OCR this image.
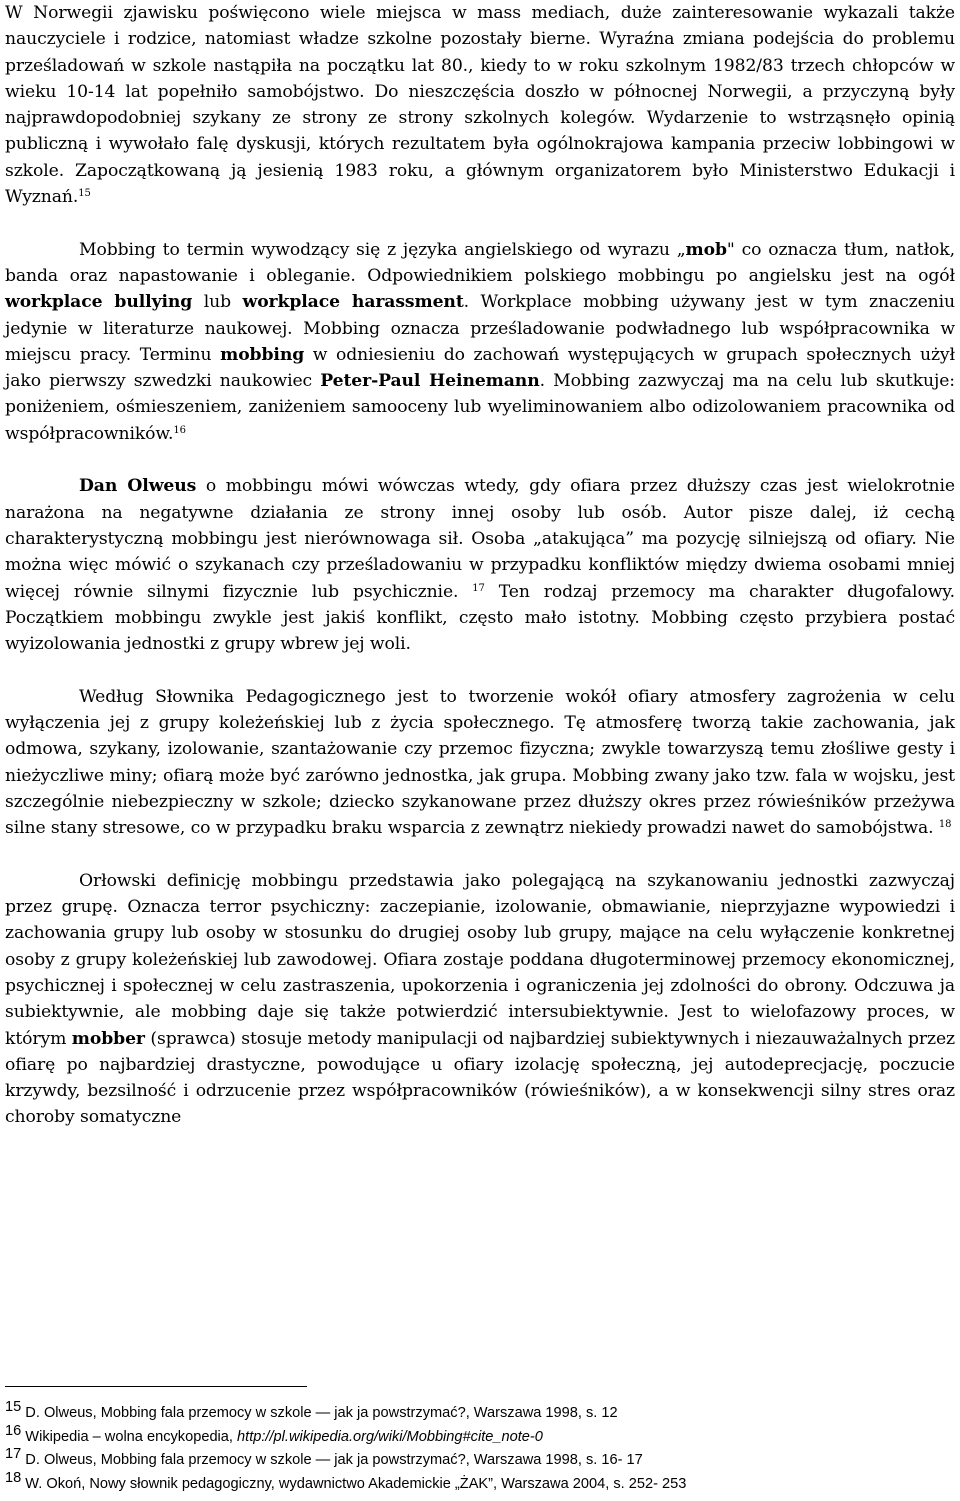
W Norwegii zjawisku poświęcono wiele miejsca w mass mediach, duże zainteresowanie wykazali także nauczyciele i rodzice, natomiast władze szkolne pozostały bierne. Wyraźna zmiana podejścia do problemu prześladowań w szkole nastąpiła na początku lat 80., kiedy to w roku szkolnym 1982/83 trzech chłopców w wieku 10-14 lat popełniło samobójstwo. Do nieszczęścia doszło w północnej Norwegii, a przyczyną były najprawdopodobniej szykany ze strony ze strony szkolnych kolegów. Wydarzenie to wstrząsnęło opinią publiczną i wywołało falę dyskusji, których rezultatem była ogólnokrajowa kampania przeciw lobbingowi w szkole. Zapoczątkowaną ją jesienią 1983 roku, a głównym organizatorem było Ministerstwo Edukacji i Wyznań.$^{15}$

Mobbing to termin wywodzący się z języka angielskiego od wyrazu „mob" co oznacza tłum, natłok, banda oraz napastowanie i obleganie. Odpowiednikiem polskiego mobbingu po angielsku jest na ogół workplace bullying lub workplace harassment. Workplace mobbing używany jest w tym znaczeniu jedynie w literaturze naukowej. Mobbing oznacza prześladowanie podwładnego lub współpracownika w miejscu pracy. Terminu mobbing w odniesieniu do zachowań występujących w grupach społecznych użył jako pierwszy szwedzki naukowiec Peter-Paul Heinemann. Mobbing zazwyczaj ma na celu lub skutkuje: poniżeniem, ośmieszeniem, zaniżeniem samooceny lub wyeliminowaniem albo odizolowaniem pracownika od współpracowników.$^{16}$

Dan Olweus o mobbingu mówi wówczas wtedy, gdy ofiara przez dłuższy czas jest wielokrotnie narażona na negatywne działania ze strony innej osoby lub osób. Autor pisze dalej, iż cechą charakterystyczną mobbingu jest nierównowaga sił. Osoba „atakująca” ma pozycję silniejszą od ofiary. Nie można więc mówić o szykanach czy prześladowaniu w przypadku konfliktów między dwiema osobami mniej więcej równie silnymi fizycznie lub psychicznie. $^{17}$ Ten rodzaj przemocy ma charakter długofalowy. Początkiem mobbingu zwykle jest jakiś konflikt, często mało istotny. Mobbing często przybiera postać wyizolowania jednostki z grupy wbrew jej woli.

Według Słownika Pedagogicznego jest to tworzenie wokół ofiary atmosfery zagrożenia w celu wyłączenia jej z grupy koleżeńskiej lub z życia społecznego. Tę atmosferę tworzą takie zachowania, jak odmowa, szykany, izolowanie, szantażowanie czy przemoc fizyczna; zwykle towarzyszą temu złośliwe gesty i nieżyczliwe miny; ofiarą może być zarówno jednostka, jak grupa. Mobbing zwany jako tzw. fala w wojsku, jest szczególnie niebezpieczny w szkole; dziecko szykanowane przez dłuższy okres przez rówieśników przeżywa silne stany stresowe, co w przypadku braku wsparcia z zewnątrz niekiedy prowadzi nawet do samobójstwa. $^{18}$

Orłowski definicję mobbingu przedstawia jako polegającą na szykanowaniu jednostki zazwyczaj przez grupę. Oznacza terror psychiczny: zaczepianie, izolowanie, obmawianie, nieprzyjazne wypowiedzi i zachowania grupy lub osoby w stosunku do drugiej osoby lub grupy, mające na celu wyłączenie konkretnej osoby z grupy koleżeńskiej lub zawodowej. Ofiara zostaje poddana długoterminowej przemocy ekonomicznej, psychicznej i społecznej w celu zastraszenia, upokorzenia i ograniczenia jej zdolności do obrony. Odczuwa ja subiektywnie, ale mobbing daje się także potwierdzić intersubiektywnie. Jest to wielofazowy proces, w którym mobber (sprawca) stosuje metody manipulacji od najbardziej subiektywnych i niezauważalnych przez ofiarę po najbardziej drastyczne, powodujące u ofiary izolację społeczną, jej autodeprecjację, poczucie krzywdy, bezsilność i odrzucenie przez współpracowników (rówieśników), a w konsekwencji silny stres oraz choroby somatyczne

$^{15}$ D. Olweus, Mobbing fala przemocy w szkole — jak ja powstrzymać?, Warszawa 1998, s. 12
$^{16}$ Wikipedia – wolna encykopedia, http://pl.wikipedia.org/wiki/Mobbing#cite_note-0
$^{17}$ D. Olweus, Mobbing fala przemocy w szkole — jak ja powstrzymać?, Warszawa 1998, s. 16- 17
$^{18}$ W. Okoń, Nowy słownik pedagogiczny, wydawnictwo Akademickie „ŻAK”, Warszawa 2004, s. 252- 253
